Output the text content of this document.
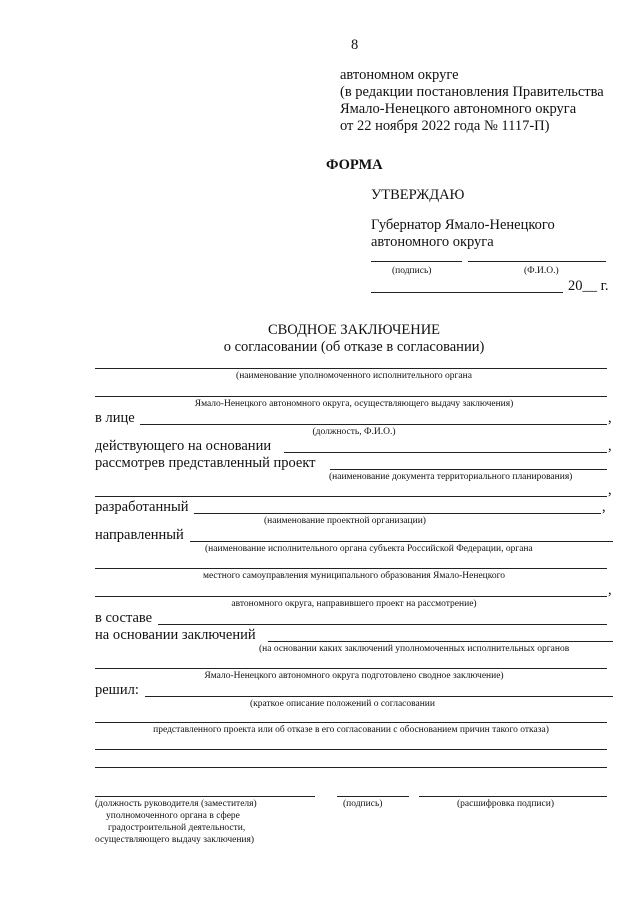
8
автономном округе
(в редакции постановления Правительства
Ямало-Ненецкого автономного округа
от 22 ноября 2022 года № 1117-П)
ФОРМА
УТВЕРЖДАЮ
Губернатор Ямало-Ненецкого
автономного округа
(подпись)	(Ф.И.О.)
20__ г.
СВОДНОЕ ЗАКЛЮЧЕНИЕ
о согласовании (об отказе в согласовании)
(наименование уполномоченного исполнительного органа
Ямало-Ненецкого автономного округа, осуществляющего выдачу заключения)
в лице	,
(должность, Ф.И.О.)
действующего на основании	,
рассмотрев представленный проект
(наименование документа территориального планирования)
,
разработанный	,
(наименование проектной организации)
направленный
(наименование исполнительного органа субъекта Российской Федерации, органа
местного самоуправления муниципального образования Ямало-Ненецкого
,
автономного округа, направившего проект на рассмотрение)
в составе
на основании заключений
(на основании каких заключений уполномоченных исполнительных органов
Ямало-Ненецкого автономного округа подготовлено сводное заключение)
решил:
(краткое описание положений о согласовании
представленного проекта или об отказе в его согласовании с обоснованием причин такого отказа)
(должность руководителя (заместителя)
уполномоченного органа в сфере
градостроительной деятельности,
осуществляющего выдачу заключения)
(подпись)	(расшифровка подписи)
